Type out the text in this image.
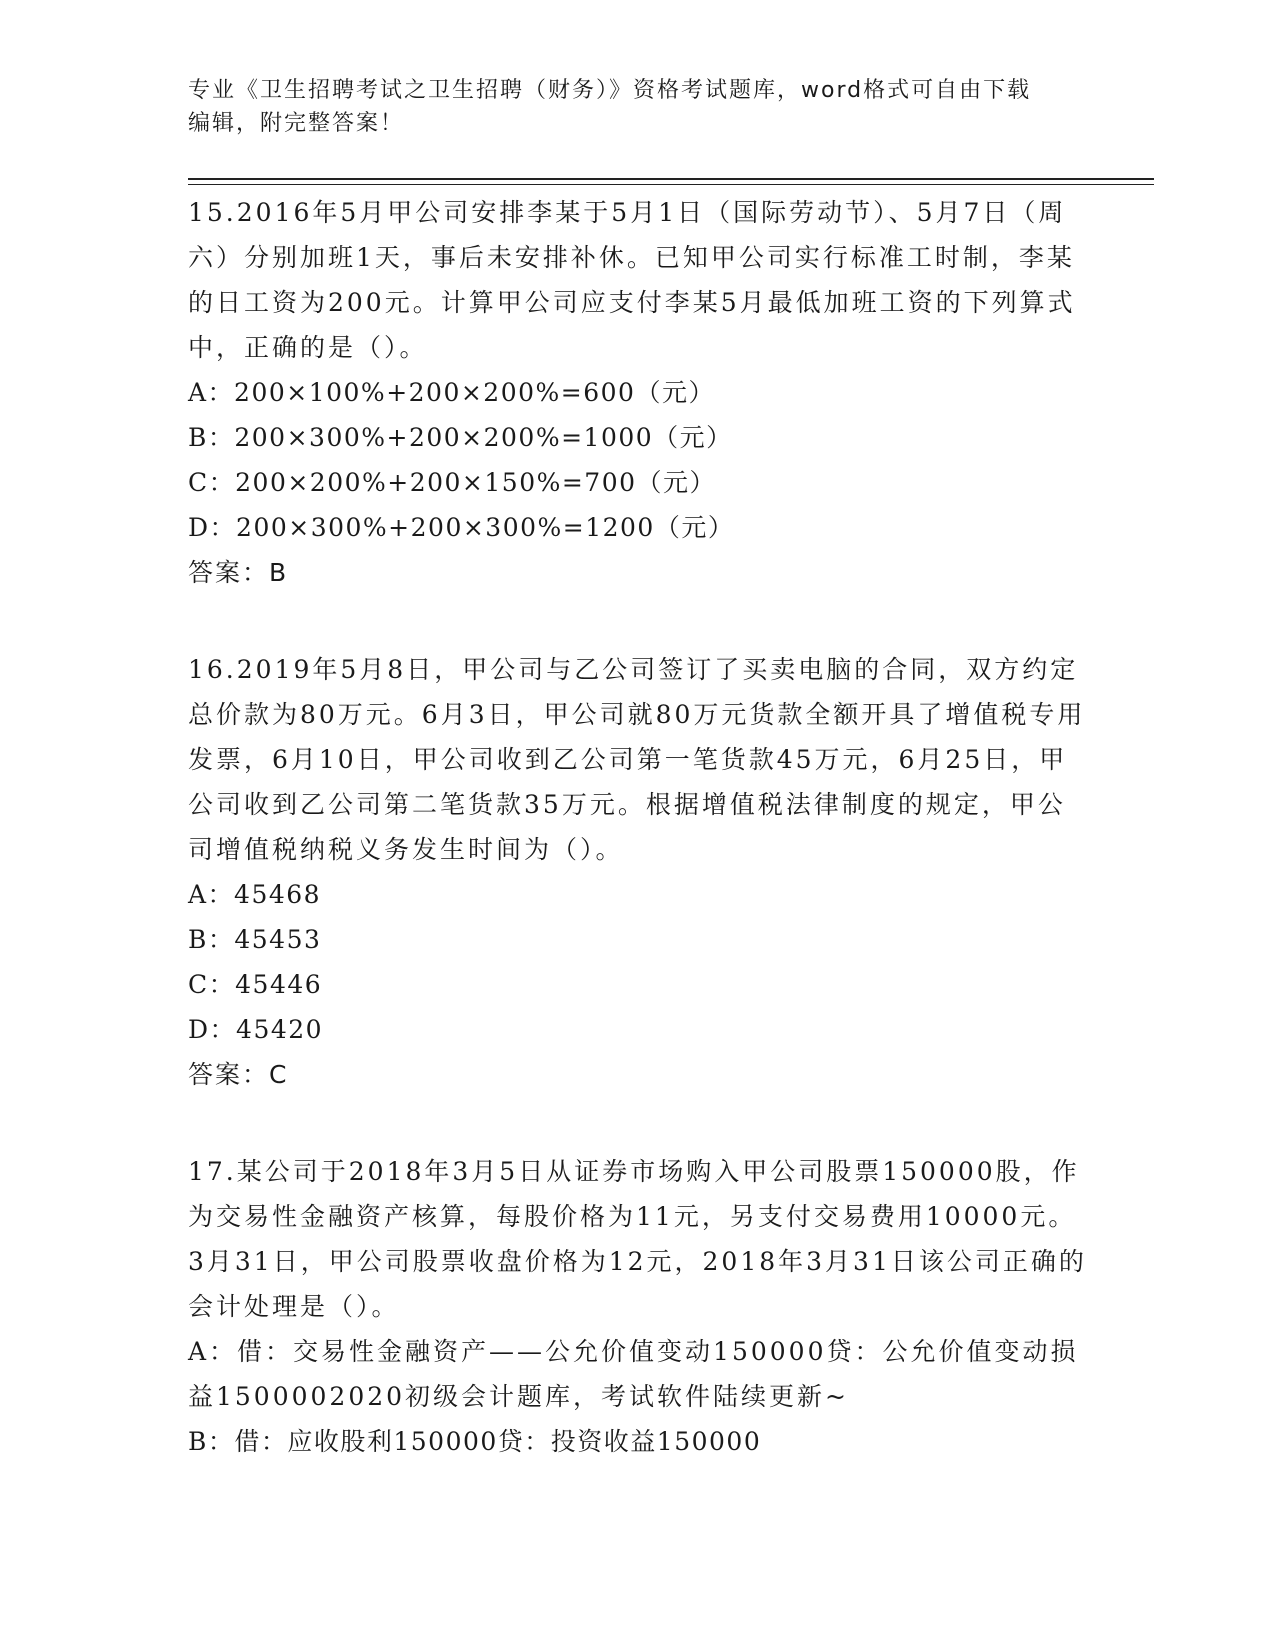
专业《卫生招聘考试之卫生招聘（财务）》资格考试题库，word格式可自由下载
编辑，附完整答案！

15.2016年5月甲公司安排李某于5月1日（国际劳动节）、5月7日（周六）分别加班1天，事后未安排补休。已知甲公司实行标准工时制，李某的日工资为200元。计算甲公司应支付李某5月最低加班工资的下列算式中，正确的是（）。

A：200×100%+200×200%=600（元）

B：200×300%+200×200%=1000（元）

C：200×200%+200×150%=700（元）

D：200×300%+200×300%=1200（元）

答案：B

16.2019年5月8日，甲公司与乙公司签订了买卖电脑的合同，双方约定总价款为80万元。6月3日，甲公司就80万元货款全额开具了增值税专用发票，6月10日，甲公司收到乙公司第一笔货款45万元，6月25日，甲公司收到乙公司第二笔货款35万元。根据增值税法律制度的规定，甲公司增值税纳税义务发生时间为（）。

A：45468

B：45453

C：45446

D：45420

答案：C

17.某公司于2018年3月5日从证券市场购入甲公司股票150000股，作为交易性金融资产核算，每股价格为11元，另支付交易费用10000元。3月31日，甲公司股票收盘价格为12元，2018年3月31日该公司正确的会计处理是（）。

A：借：交易性金融资产——公允价值变动150000贷：公允价值变动损益1500002020初级会计题库，考试软件陆续更新~

B：借：应收股利150000贷：投资收益150000
